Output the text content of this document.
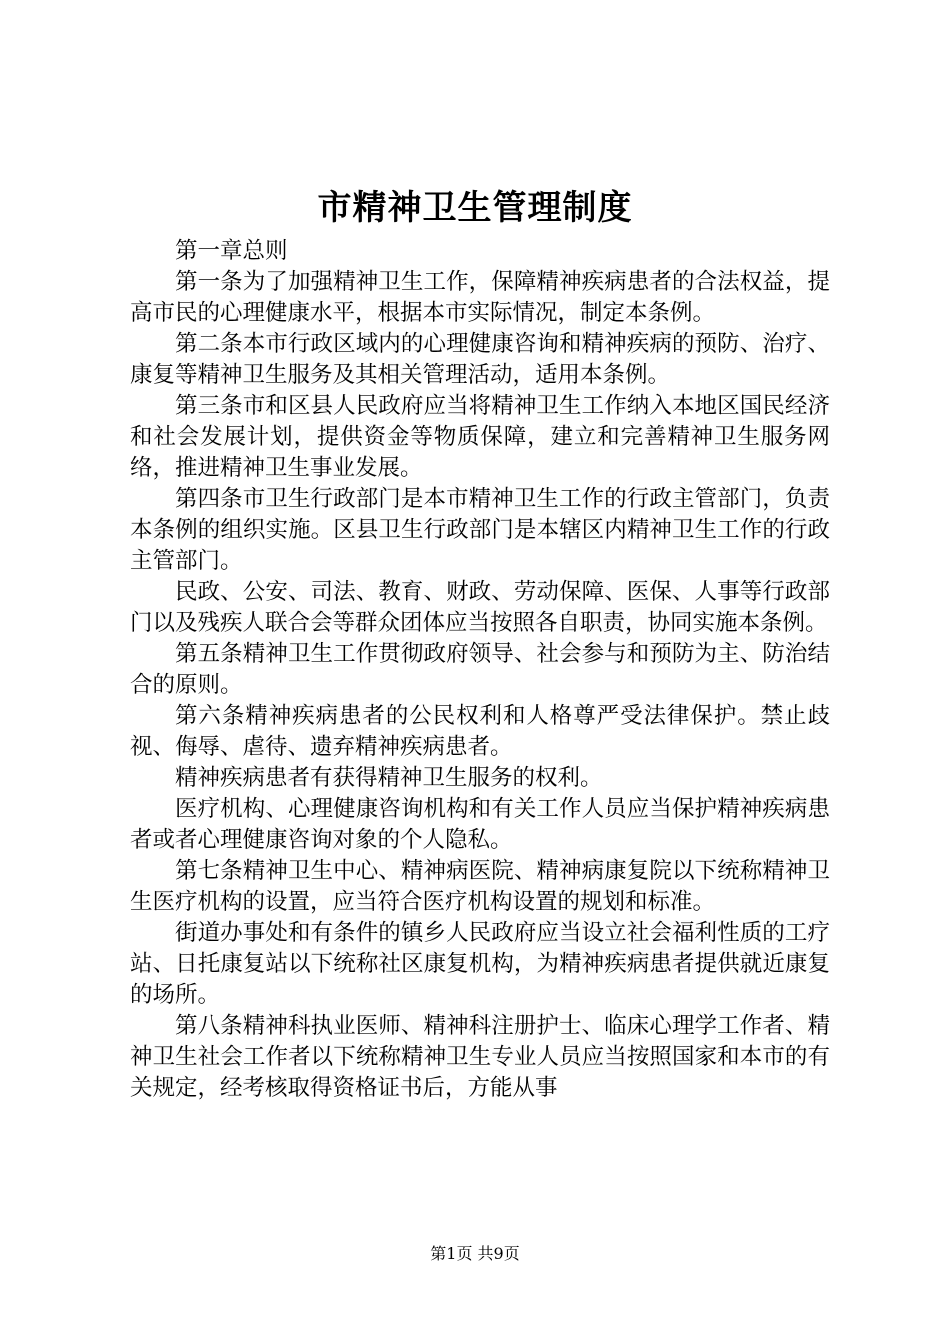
市精神卫生管理制度

第一章总则

第一条为了加强精神卫生工作，保障精神疾病患者的合法权益，提高市民的心理健康水平，根据本市实际情况，制定本条例。

第二条本市行政区域内的心理健康咨询和精神疾病的预防、治疗、康复等精神卫生服务及其相关管理活动，适用本条例。

第三条市和区县人民政府应当将精神卫生工作纳入本地区国民经济和社会发展计划，提供资金等物质保障，建立和完善精神卫生服务网络，推进精神卫生事业发展。

第四条市卫生行政部门是本市精神卫生工作的行政主管部门，负责本条例的组织实施。区县卫生行政部门是本辖区内精神卫生工作的行政主管部门。

民政、公安、司法、教育、财政、劳动保障、医保、人事等行政部门以及残疾人联合会等群众团体应当按照各自职责，协同实施本条例。

第五条精神卫生工作贯彻政府领导、社会参与和预防为主、防治结合的原则。

第六条精神疾病患者的公民权利和人格尊严受法律保护。禁止歧视、侮辱、虐待、遗弃精神疾病患者。

精神疾病患者有获得精神卫生服务的权利。

医疗机构、心理健康咨询机构和有关工作人员应当保护精神疾病患者或者心理健康咨询对象的个人隐私。

第七条精神卫生中心、精神病医院、精神病康复院以下统称精神卫生医疗机构的设置，应当符合医疗机构设置的规划和标准。

街道办事处和有条件的镇乡人民政府应当设立社会福利性质的工疗站、日托康复站以下统称社区康复机构，为精神疾病患者提供就近康复的场所。

第八条精神科执业医师、精神科注册护士、临床心理学工作者、精神卫生社会工作者以下统称精神卫生专业人员应当按照国家和本市的有关规定，经考核取得资格证书后，方能从事

第1页 共9页
